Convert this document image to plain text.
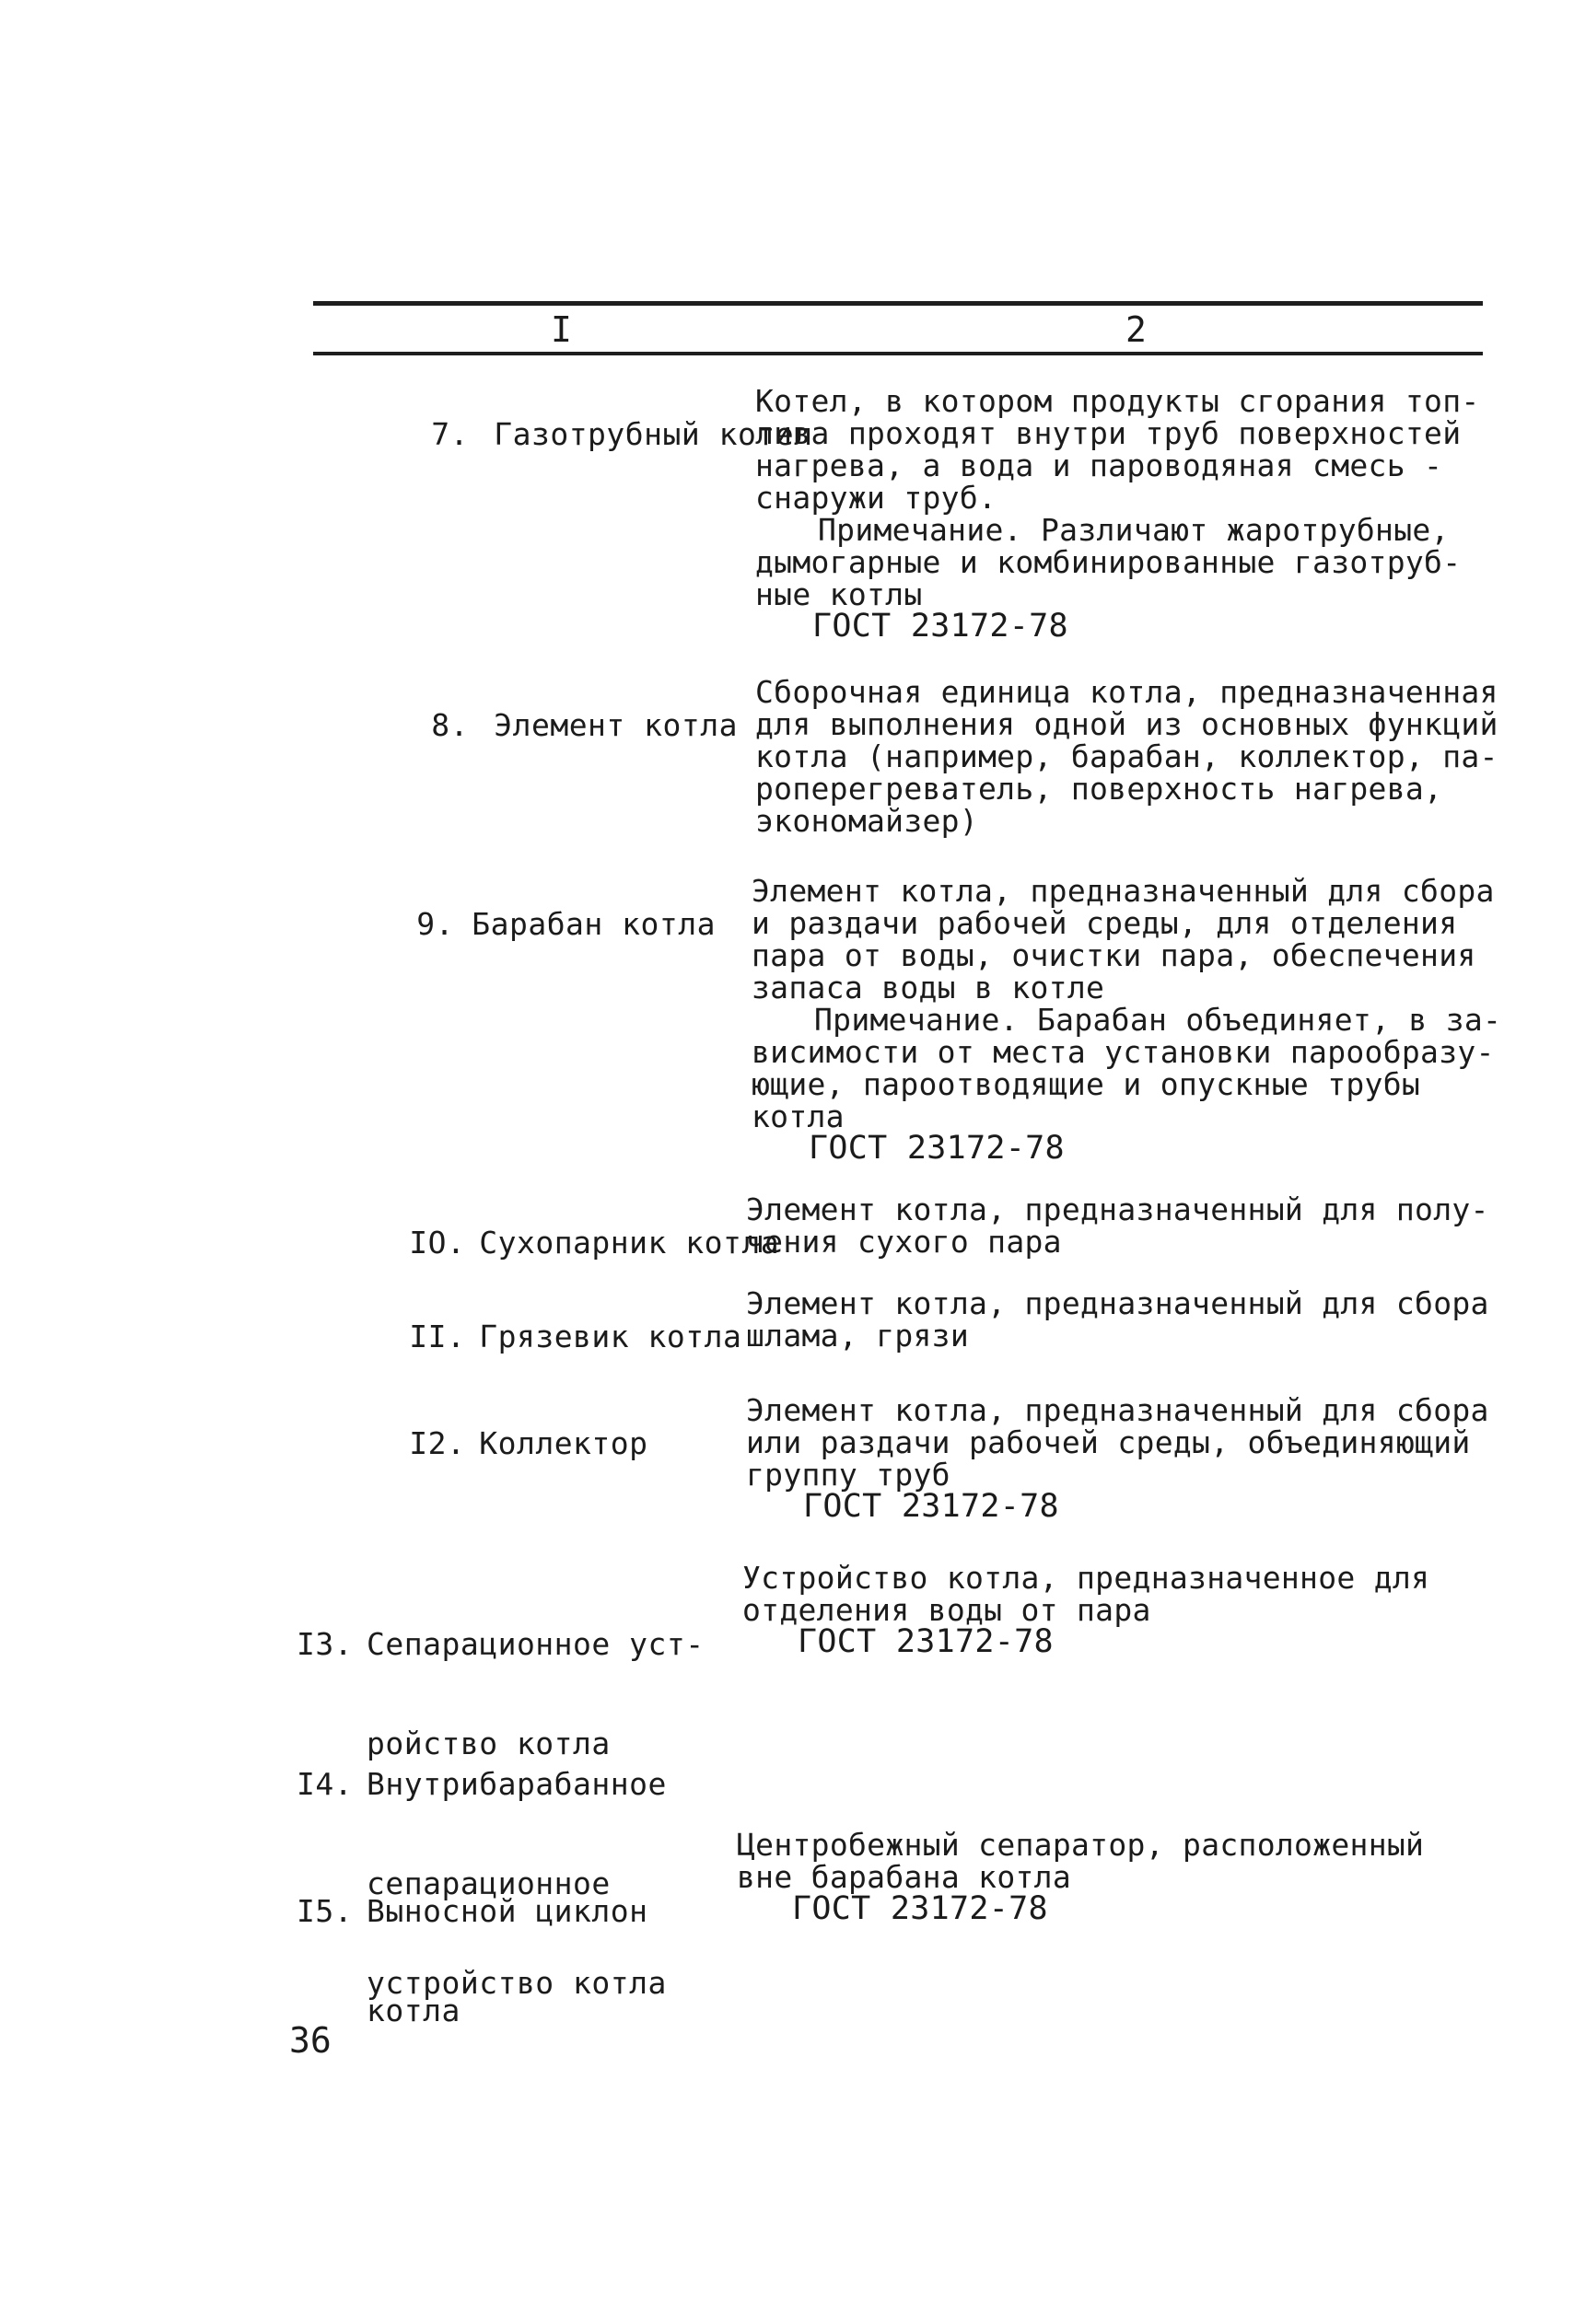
I	2

7. Газотрубный котел

Котел, в котором продукты сгорания топ-
лива проходят внутри труб поверхностей
нагрева, а вода и пароводяная смесь -
снаружи труб.
Примечание. Различают жаротрубные,
дымогарные и комбинированные газотруб-
ные котлы
ГОСТ 23172-78

8. Элемент котла

Сборочная единица котла, предназначенная
для выполнения одной из основных функций
котла (например, барабан, коллектор, па-
роперегреватель, поверхность нагрева,
экономайзер)

9. Барабан котла

Элемент котла, предназначенный для сбора
и раздачи рабочей среды, для отделения
пара от воды, очистки пара, обеспечения
запаса воды в котле
Примечание. Барабан объединяет, в за-
висимости от места установки парообразу-
ющие, пароотводящие и опускные трубы
котла
ГОСТ 23172-78

IO. Сухопарник котла

Элемент котла, предназначенный для полу-
чения сухого пара

II. Грязевик котла

Элемент котла, предназначенный для сбора
шлама, грязи

I2. Коллектор

Элемент котла, предназначенный для сбора
или раздачи рабочей среды, объединяющий
группу труб
ГОСТ 23172-78

I3. Сепарационное уст-

ройство котла

Устройство котла, предназначенное для
отделения воды от пара
ГОСТ 23172-78

I4. Внутрибарабанное

сепарационное

устройство котла

I5. Выносной циклон

котла

Центробежный сепаратор, расположенный
вне барабана котла
ГОСТ 23172-78
36
